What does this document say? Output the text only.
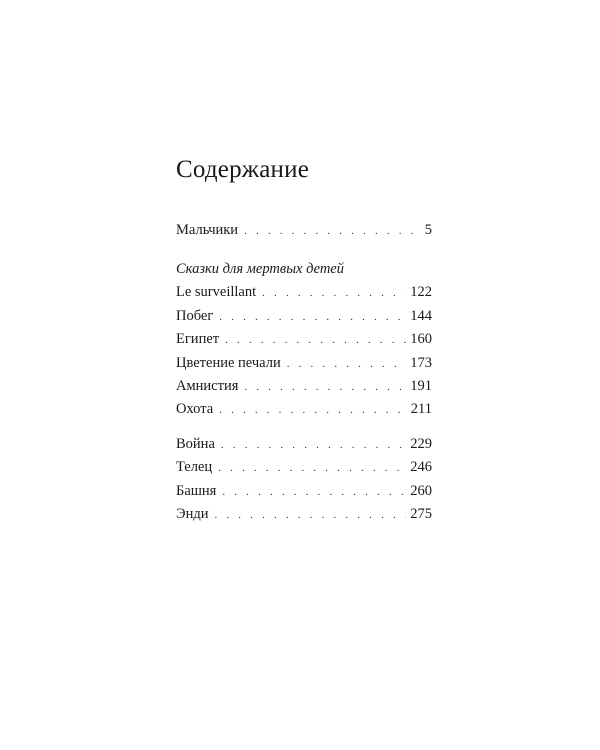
Содержание
Мальчики . . .	5
Сказки для мертвых детей
Le surveillant . . .	122
Побег . . .	144
Египет . . .	160
Цветение печали . . .	173
Амнистия . . .	191
Охота . . .	211
Война . . .	229
Телец . . .	246
Башня . . .	260
Энди . . .	275
